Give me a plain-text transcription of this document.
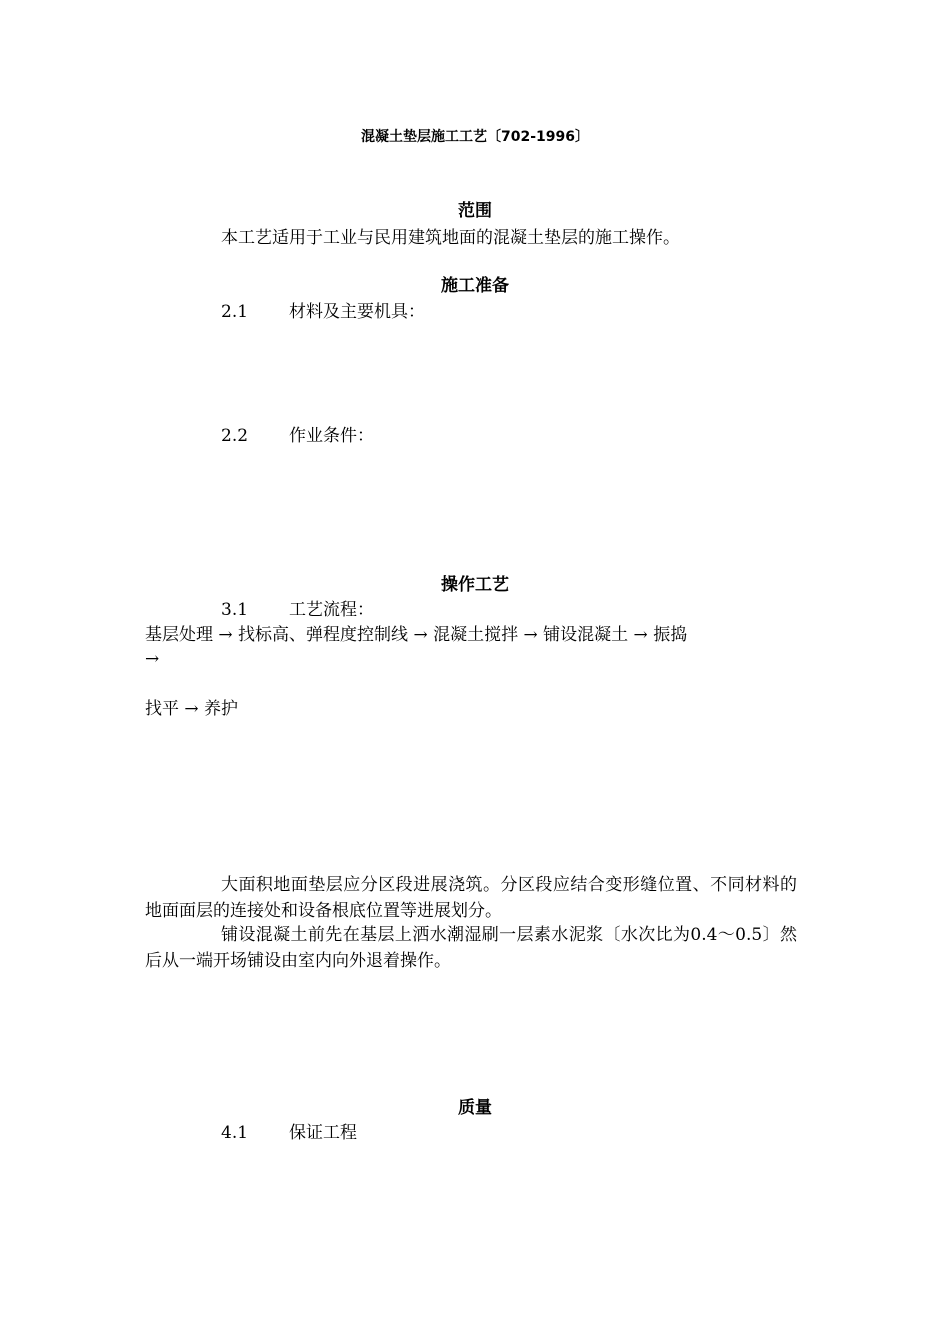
混凝土垫层施工工艺〔702-1996〕
范围
本工艺适用于工业与民用建筑地面的混凝土垫层的施工操作。
施工准备
2.1 材料及主要机具：
2.2 作业条件：
操作工艺
3.1 工艺流程：
基层处理 → 找标高、弹程度控制线 → 混凝土搅拌 → 铺设混凝土 → 振捣
→
找平 → 养护
大面积地面垫层应分区段进展浇筑。分区段应结合变形缝位置、不同材料的地面面层的连接处和设备根底位置等进展划分。
铺设混凝土前先在基层上洒水潮湿刷一层素水泥浆〔水次比为0.4～0.5〕然后从一端开场铺设由室内向外退着操作。
质量
4.1 保证工程
